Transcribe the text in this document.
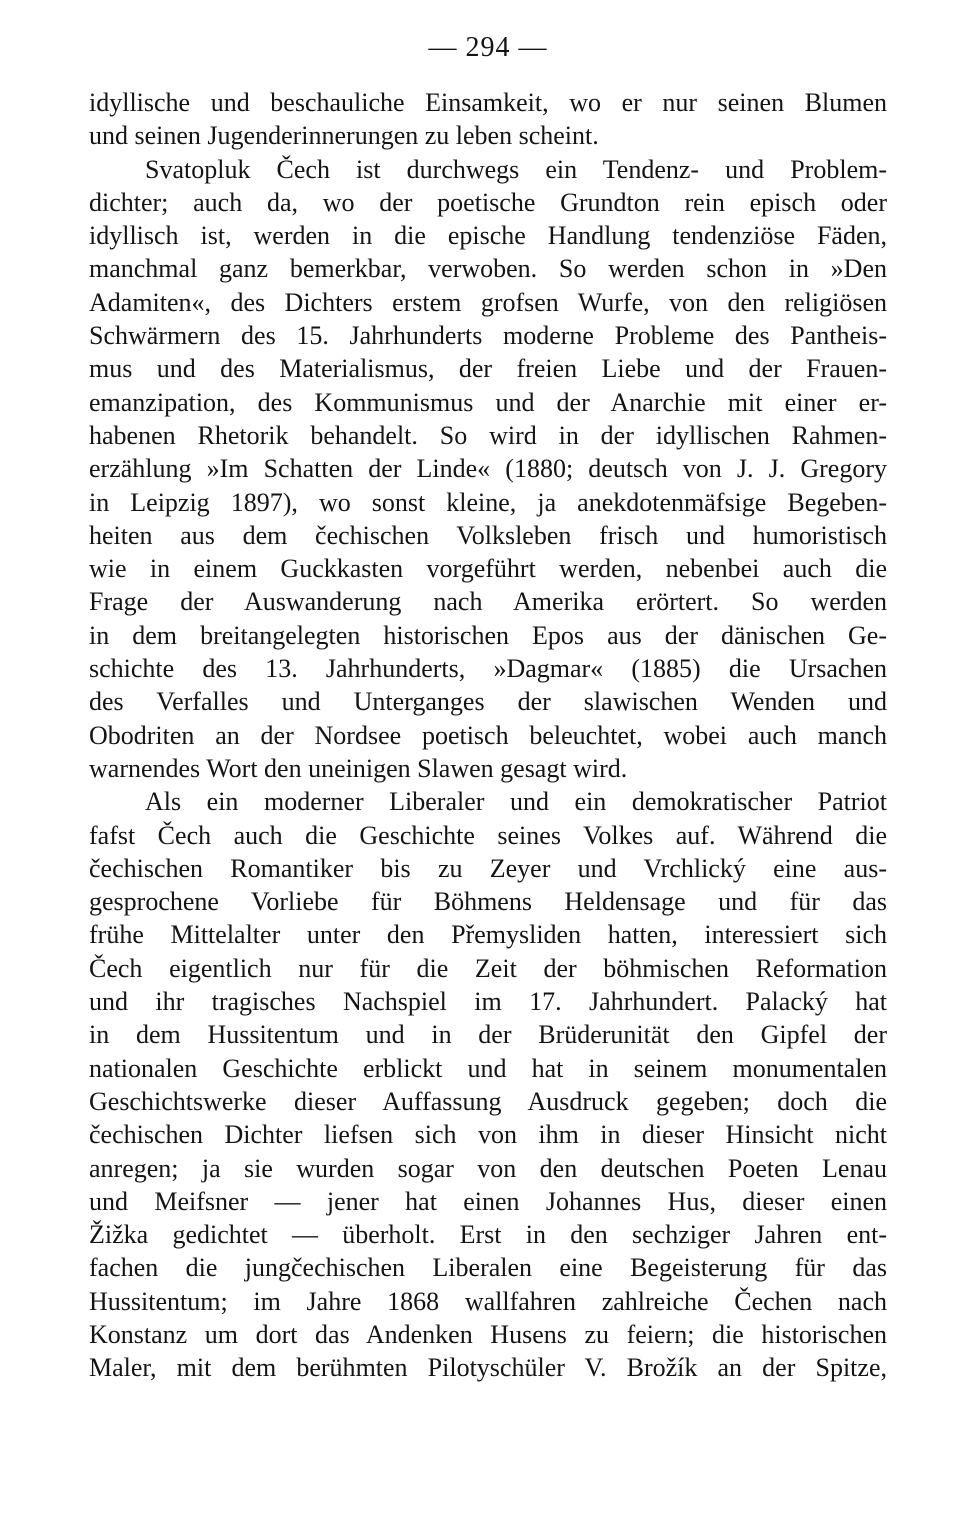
— 294 —
idyllische und beschauliche Einsamkeit, wo er nur seinen Blumen
und seinen Jugenderinnerungen zu leben scheint.
Svatopluk Čech ist durchwegs ein Tendenz- und Problem-
dichter; auch da, wo der poetische Grundton rein episch oder
idyllisch ist, werden in die epische Handlung tendenziöse Fäden,
manchmal ganz bemerkbar, verwoben. So werden schon in »Den
Adamiten«, des Dichters erstem grofsen Wurfe, von den religiösen
Schwärmern des 15. Jahrhunderts moderne Probleme des Pantheis-
mus und des Materialismus, der freien Liebe und der Frauen-
emanzipation, des Kommunismus und der Anarchie mit einer er-
habenen Rhetorik behandelt. So wird in der idyllischen Rahmen-
erzählung »Im Schatten der Linde« (1880; deutsch von J. J. Gregory
in Leipzig 1897), wo sonst kleine, ja anekdotenmäfsige Begeben-
heiten aus dem čechischen Volksleben frisch und humoristisch
wie in einem Guckkasten vorgeführt werden, nebenbei auch die
Frage der Auswanderung nach Amerika erörtert. So werden
in dem breitangelegten historischen Epos aus der dänischen Ge-
schichte des 13. Jahrhunderts, »Dagmar« (1885) die Ursachen
des Verfalles und Unterganges der slawischen Wenden und
Obodriten an der Nordsee poetisch beleuchtet, wobei auch manch
warnendes Wort den uneinigen Slawen gesagt wird.
Als ein moderner Liberaler und ein demokratischer Patriot
fafst Čech auch die Geschichte seines Volkes auf. Während die
čechischen Romantiker bis zu Zeyer und Vrchlický eine aus-
gesprochene Vorliebe für Böhmens Heldensage und für das
frühe Mittelalter unter den Přemysliden hatten, interessiert sich
Čech eigentlich nur für die Zeit der böhmischen Reformation
und ihr tragisches Nachspiel im 17. Jahrhundert. Palacký hat
in dem Hussitentum und in der Brüderunität den Gipfel der
nationalen Geschichte erblickt und hat in seinem monumentalen
Geschichtswerke dieser Auffassung Ausdruck gegeben; doch die
čechischen Dichter liefsen sich von ihm in dieser Hinsicht nicht
anregen; ja sie wurden sogar von den deutschen Poeten Lenau
und Meifsner — jener hat einen Johannes Hus, dieser einen
Žižka gedichtet — überholt. Erst in den sechziger Jahren ent-
fachen die jungčechischen Liberalen eine Begeisterung für das
Hussitentum; im Jahre 1868 wallfahren zahlreiche Čechen nach
Konstanz um dort das Andenken Husens zu feiern; die historischen
Maler, mit dem berühmten Pilotyschüler V. Brožík an der Spitze,
